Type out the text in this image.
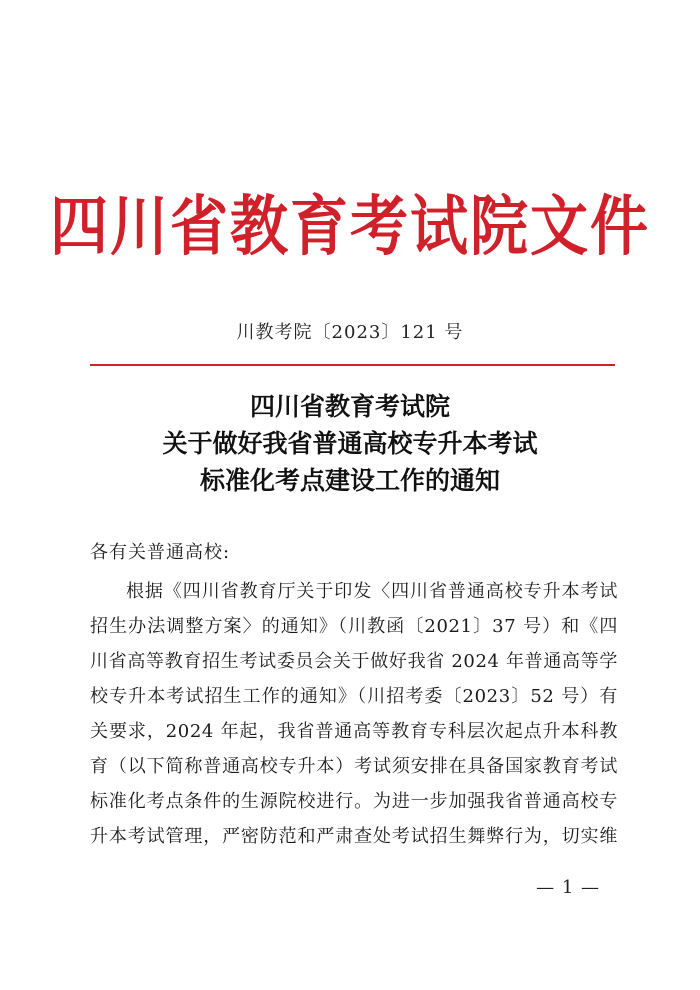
四川省教育考试院文件
川教考院〔2023〕121 号
四川省教育考试院
关于做好我省普通高校专升本考试
标准化考点建设工作的通知
各有关普通高校:
根据《四川省教育厅关于印发〈四川省普通高校专升本考试
招生办法调整方案〉的通知》（川教函〔2021〕37 号）和《四
川省高等教育招生考试委员会关于做好我省 2024 年普通高等学
校专升本考试招生工作的通知》（川招考委〔2023〕52 号）有
关要求，2024 年起，我省普通高等教育专科层次起点升本科教
育（以下简称普通高校专升本）考试须安排在具备国家教育考试
标准化考点条件的生源院校进行。为进一步加强我省普通高校专
升本考试管理，严密防范和严肃查处考试招生舞弊行为，切实维
— 1 —
